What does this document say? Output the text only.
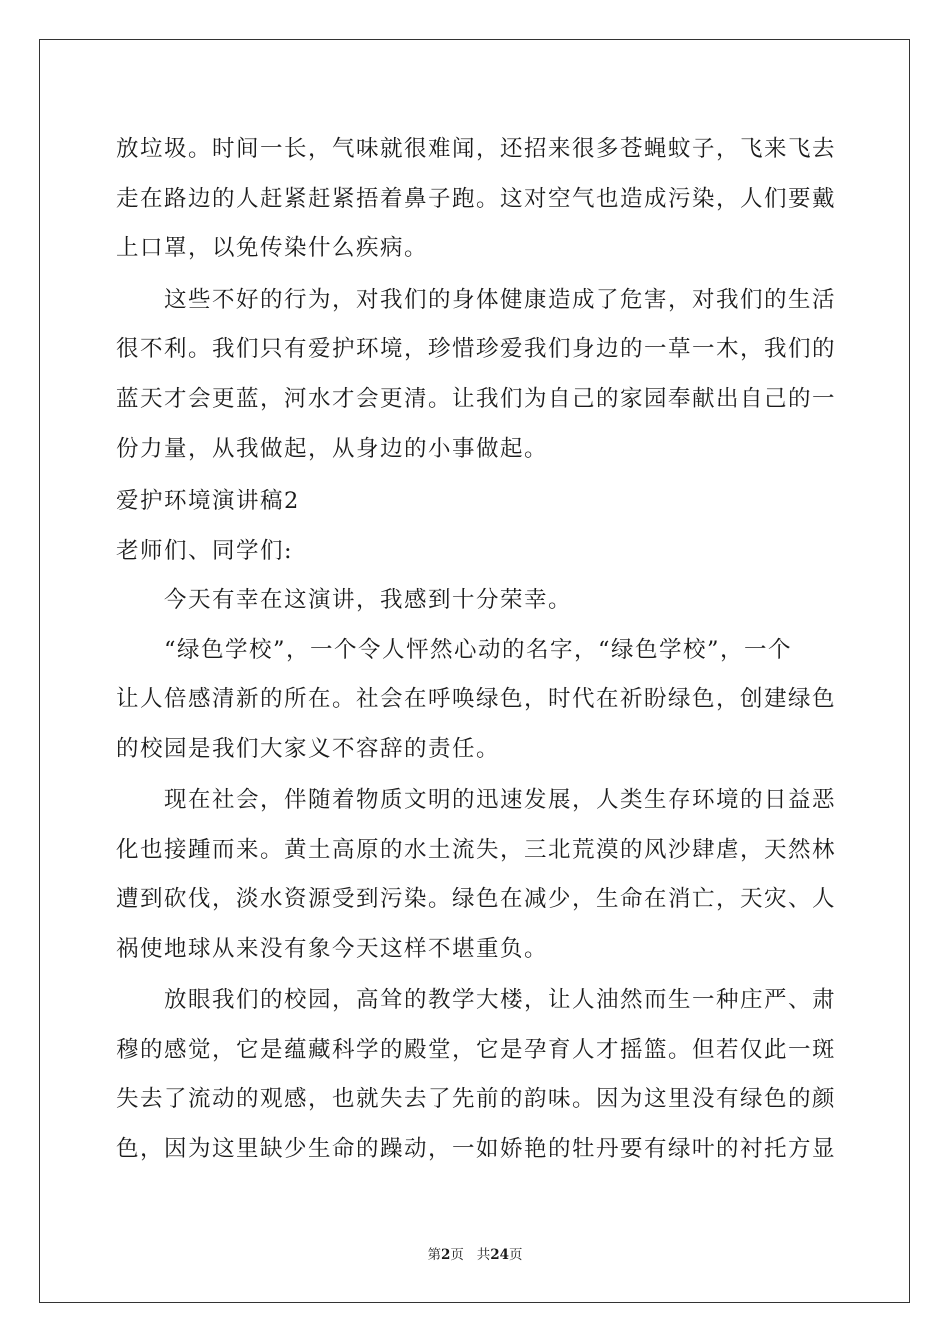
放垃圾。时间一长，气味就很难闻，还招来很多苍蝇蚊子，飞来飞去
走在路边的人赶紧赶紧捂着鼻子跑。这对空气也造成污染，人们要戴
上口罩，以免传染什么疾病。
这些不好的行为，对我们的身体健康造成了危害，对我们的生活
很不利。我们只有爱护环境，珍惜珍爱我们身边的一草一木，我们的
蓝天才会更蓝，河水才会更清。让我们为自己的家园奉献出自己的一
份力量，从我做起，从身边的小事做起。
爱护环境演讲稿2
老师们、同学们:
今天有幸在这演讲，我感到十分荣幸。
“绿色学校”，一个令人怦然心动的名字，“绿色学校”，一个
让人倍感清新的所在。社会在呼唤绿色，时代在祈盼绿色，创建绿色
的校园是我们大家义不容辞的责任。
现在社会，伴随着物质文明的迅速发展，人类生存环境的日益恶
化也接踵而来。黄土高原的水土流失，三北荒漠的风沙肆虐，天然林
遭到砍伐，淡水资源受到污染。绿色在减少，生命在消亡，天灾、人
祸使地球从来没有象今天这样不堪重负。
放眼我们的校园，高耸的教学大楼，让人油然而生一种庄严、肃
穆的感觉，它是蕴藏科学的殿堂，它是孕育人才摇篮。但若仅此一斑
失去了流动的观感，也就失去了先前的韵味。因为这里没有绿色的颜
色，因为这里缺少生命的躁动，一如娇艳的牡丹要有绿叶的衬托方显
第2页 共24页
